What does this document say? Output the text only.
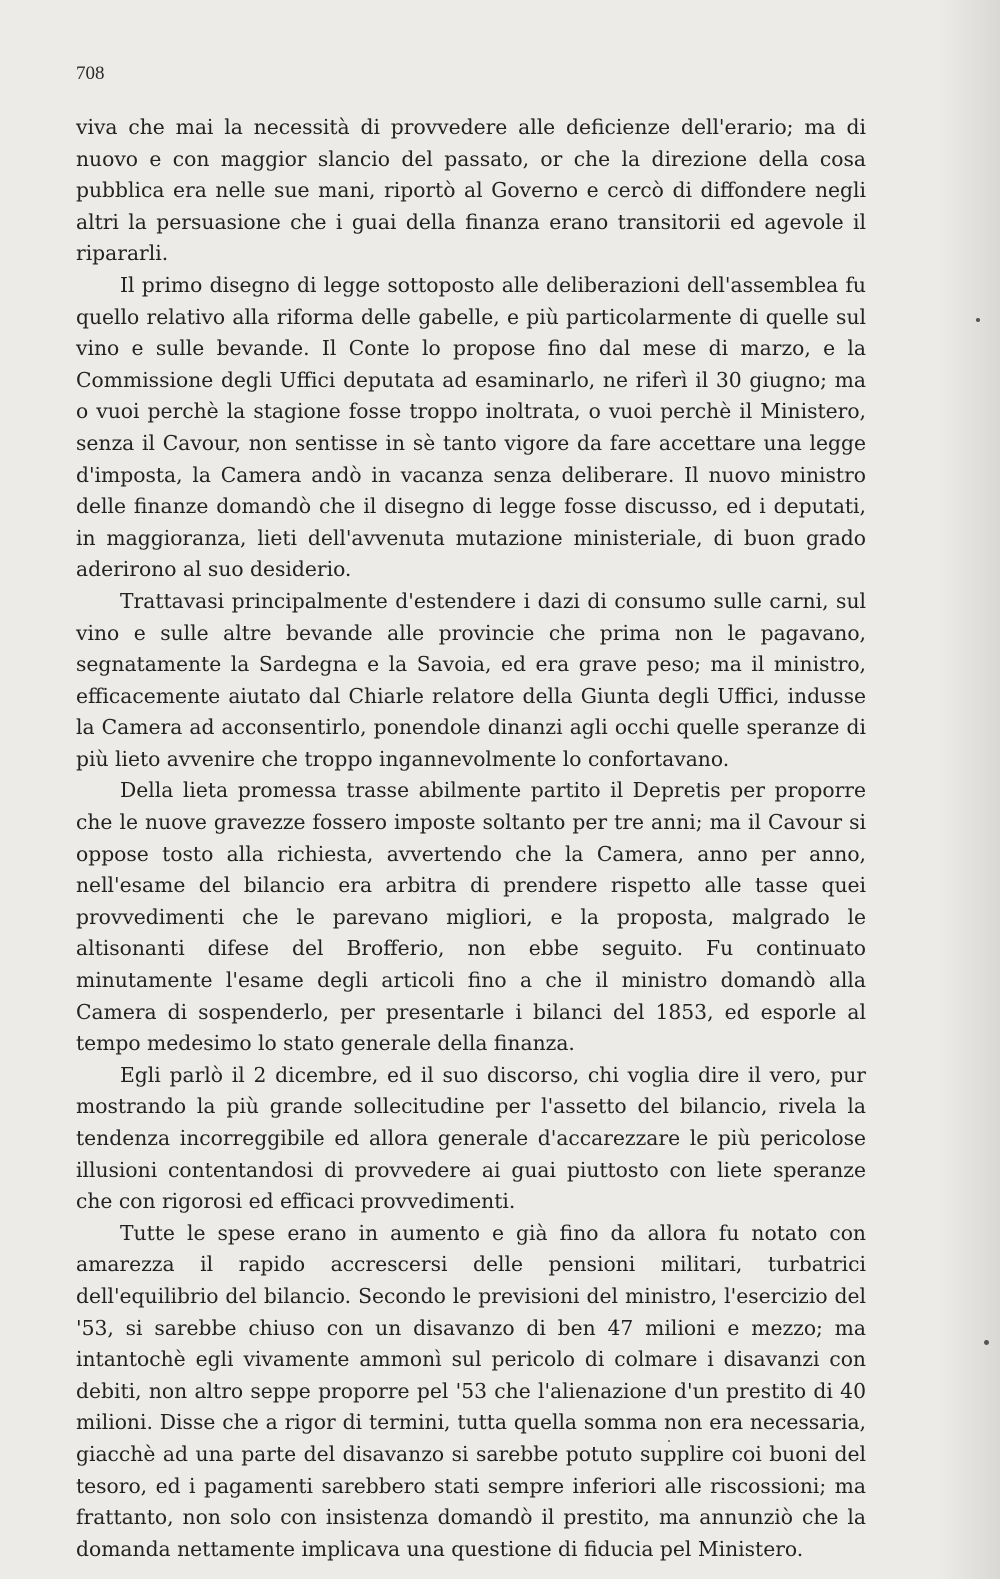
708

viva che mai la necessità di provvedere alle deficienze dell'erario; ma di nuovo e con maggior slancio del passato, or che la direzione della cosa pubblica era nelle sue mani, riportò al Governo e cercò di diffondere negli altri la persuasione che i guai della finanza erano transitorii ed agevole il ripararli.

Il primo disegno di legge sottoposto alle deliberazioni dell'assemblea fu quello relativo alla riforma delle gabelle, e più particolarmente di quelle sul vino e sulle bevande. Il Conte lo propose fino dal mese di marzo, e la Commissione degli Uffici deputata ad esaminarlo, ne riferì il 30 giugno; ma o vuoi perchè la stagione fosse troppo inoltrata, o vuoi perchè il Ministero, senza il Cavour, non sentisse in sè tanto vigore da fare accettare una legge d'imposta, la Camera andò in vacanza senza deliberare. Il nuovo ministro delle finanze domandò che il disegno di legge fosse discusso, ed i deputati, in maggioranza, lieti dell'avvenuta mutazione ministeriale, di buon grado aderirono al suo desiderio.

Trattavasi principalmente d'estendere i dazi di consumo sulle carni, sul vino e sulle altre bevande alle provincie che prima non le pagavano, segnatamente la Sardegna e la Savoia, ed era grave peso; ma il ministro, efficacemente aiutato dal Chiarle relatore della Giunta degli Uffici, indusse la Camera ad acconsentirlo, ponendole dinanzi agli occhi quelle speranze di più lieto avvenire che troppo ingannevolmente lo confortavano.

Della lieta promessa trasse abilmente partito il Depretis per proporre che le nuove gravezze fossero imposte soltanto per tre anni; ma il Cavour si oppose tosto alla richiesta, avvertendo che la Camera, anno per anno, nell'esame del bilancio era arbitra di prendere rispetto alle tasse quei provvedimenti che le parevano migliori, e la proposta, malgrado le altisonanti difese del Brofferio, non ebbe seguito. Fu continuato minutamente l'esame degli articoli fino a che il ministro domandò alla Camera di sospenderlo, per presentarle i bilanci del 1853, ed esporle al tempo medesimo lo stato generale della finanza.

Egli parlò il 2 dicembre, ed il suo discorso, chi voglia dire il vero, pur mostrando la più grande sollecitudine per l'assetto del bilancio, rivela la tendenza incorreggibile ed allora generale d'accarezzare le più pericolose illusioni contentandosi di provvedere ai guai piuttosto con liete speranze che con rigorosi ed efficaci provvedimenti.

Tutte le spese erano in aumento e già fino da allora fu notato con amarezza il rapido accrescersi delle pensioni militari, turbatrici dell'equilibrio del bilancio. Secondo le previsioni del ministro, l'esercizio del '53, si sarebbe chiuso con un disavanzo di ben 47 milioni e mezzo; ma intantochè egli vivamente ammonì sul pericolo di colmare i disavanzi con debiti, non altro seppe proporre pel '53 che l'alienazione d'un prestito di 40 milioni. Disse che a rigor di termini, tutta quella somma non era necessaria, giacchè ad una parte del disavanzo si sarebbe potuto supplire coi buoni del tesoro, ed i pagamenti sarebbero stati sempre inferiori alle riscossioni; ma frattanto, non solo con insistenza domandò il prestito, ma annunziò che la domanda nettamente implicava una questione di fiducia pel Ministero.
